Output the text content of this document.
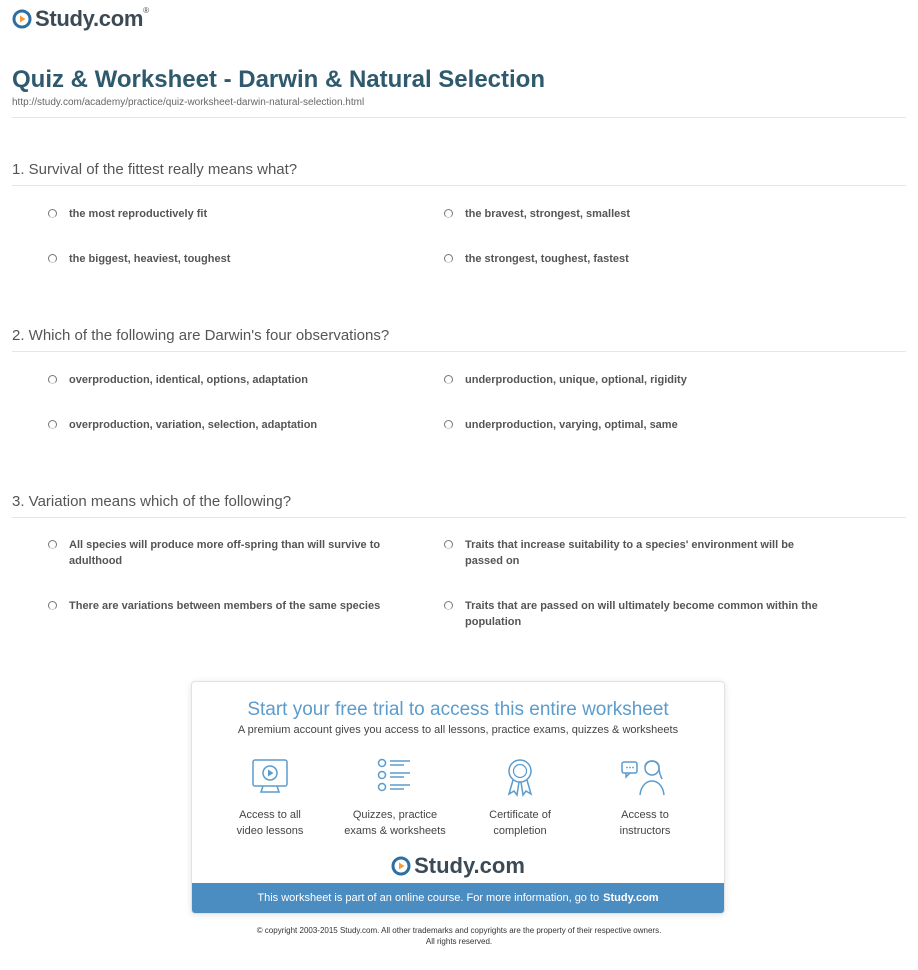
Study.com®
Quiz & Worksheet - Darwin & Natural Selection
http://study.com/academy/practice/quiz-worksheet-darwin-natural-selection.html
1. Survival of the fittest really means what?
the most reproductively fit	the bravest, strongest, smallest
the biggest, heaviest, toughest	the strongest, toughest, fastest
2. Which of the following are Darwin's four observations?
overproduction, identical, options, adaptation	underproduction, unique, optional, rigidity
overproduction, variation, selection, adaptation	underproduction, varying, optimal, same
3. Variation means which of the following?
All species will produce more off-spring than will survive to adulthood
Traits that increase suitability to a species' environment will be passed on
There are variations between members of the same species	Traits that are passed on will ultimately become common within the population
Start your free trial to access this entire worksheet
A premium account gives you access to all lessons, practice exams, quizzes & worksheets
Access to all
video lessons
Quizzes, practice
exams & worksheets
Certificate of
completion
Access to
instructors
Study.com
This worksheet is part of an online course. For more information, go to Study.com
© copyright 2003-2015 Study.com. All other trademarks and copyrights are the property of their respective owners.
All rights reserved.
